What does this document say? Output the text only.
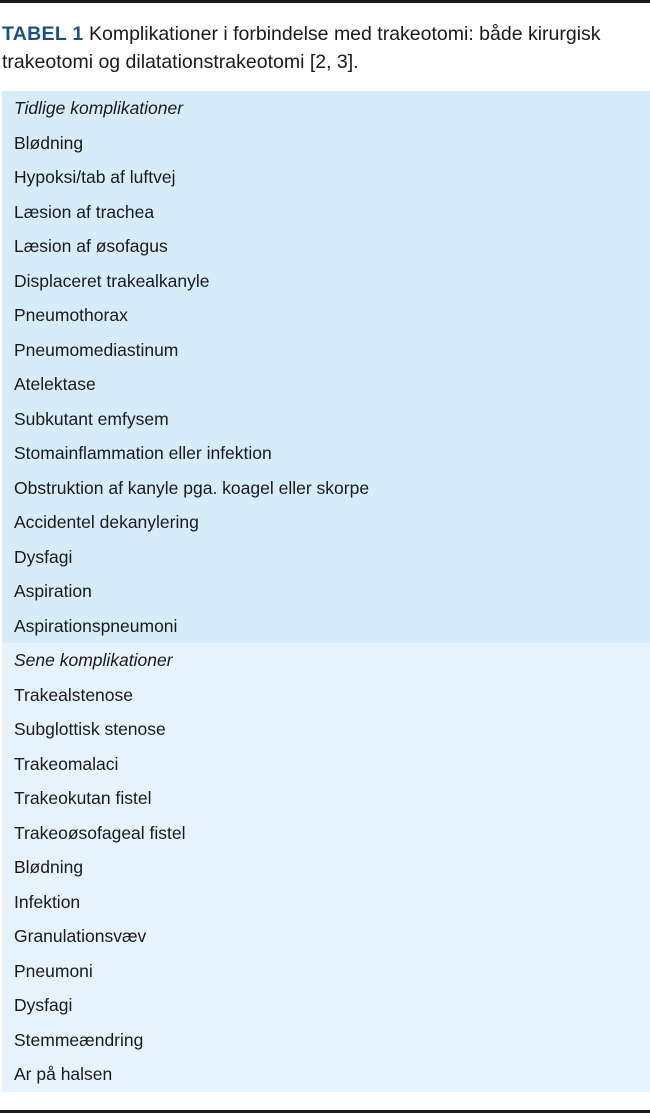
TABEL 1 Komplikationer i forbindelse med trakeotomi: både kirurgisk trakeotomi og dilatationstrakeotomi [2, 3].
Tidlige komplikationer
Blødning
Hypoksi/tab af luftvej
Læsion af trachea
Læsion af øsofagus
Displaceret trakealkanyle
Pneumothorax
Pneumomediastinum
Atelektase
Subkutant emfysem
Stomainflammation eller infektion
Obstruktion af kanyle pga. koagel eller skorpe
Accidentel dekanylering
Dysfagi
Aspiration
Aspirationspneumoni
Sene komplikationer
Trakealstenose
Subglottisk stenose
Trakeomalaci
Trakeokutan fistel
Trakeoøsofageal fistel
Blødning
Infektion
Granulationsvæv
Pneumoni
Dysfagi
Stemmeændring
Ar på halsen
